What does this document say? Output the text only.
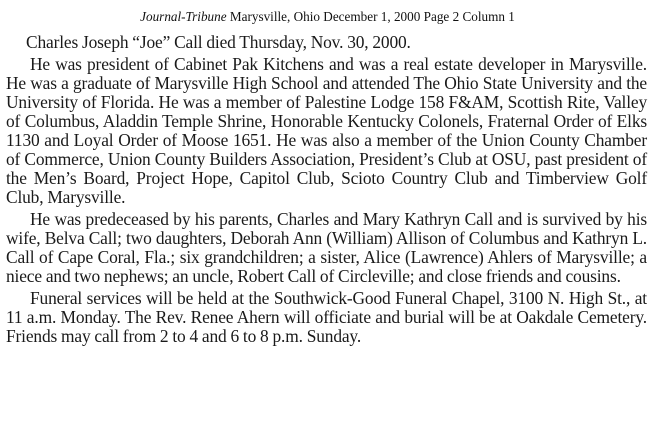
Journal-Tribune Marysville, Ohio December 1, 2000 Page 2 Column 1

Charles Joseph “Joe” Call died Thursday, Nov. 30, 2000.

He was president of Cabinet Pak Kitchens and was a real estate developer in Marysville. He was a graduate of Marysville High School and attended The Ohio State University and the University of Florida. He was a member of Palestine Lodge 158 F&AM, Scottish Rite, Valley of Columbus, Aladdin Temple Shrine, Honorable Kentucky Colonels, Fraternal Order of Elks 1130 and Loyal Order of Moose 1651. He was also a member of the Union County Chamber of Commerce, Union County Builders Association, President’s Club at OSU, past president of the Men’s Board, Project Hope, Capitol Club, Scioto Country Club and Timberview Golf Club, Marysville.

He was predeceased by his parents, Charles and Mary Kathryn Call and is survived by his wife, Belva Call; two daughters, Deborah Ann (William) Allison of Columbus and Kathryn L. Call of Cape Coral, Fla.; six grandchildren; a sister, Alice (Lawrence) Ahlers of Marysville; a niece and two nephews; an uncle, Robert Call of Circleville; and close friends and cousins.

Funeral services will be held at the Southwick-Good Funeral Chapel, 3100 N. High St., at 11 a.m. Monday. The Rev. Renee Ahern will officiate and burial will be at Oakdale Cemetery. Friends may call from 2 to 4 and 6 to 8 p.m. Sunday.
